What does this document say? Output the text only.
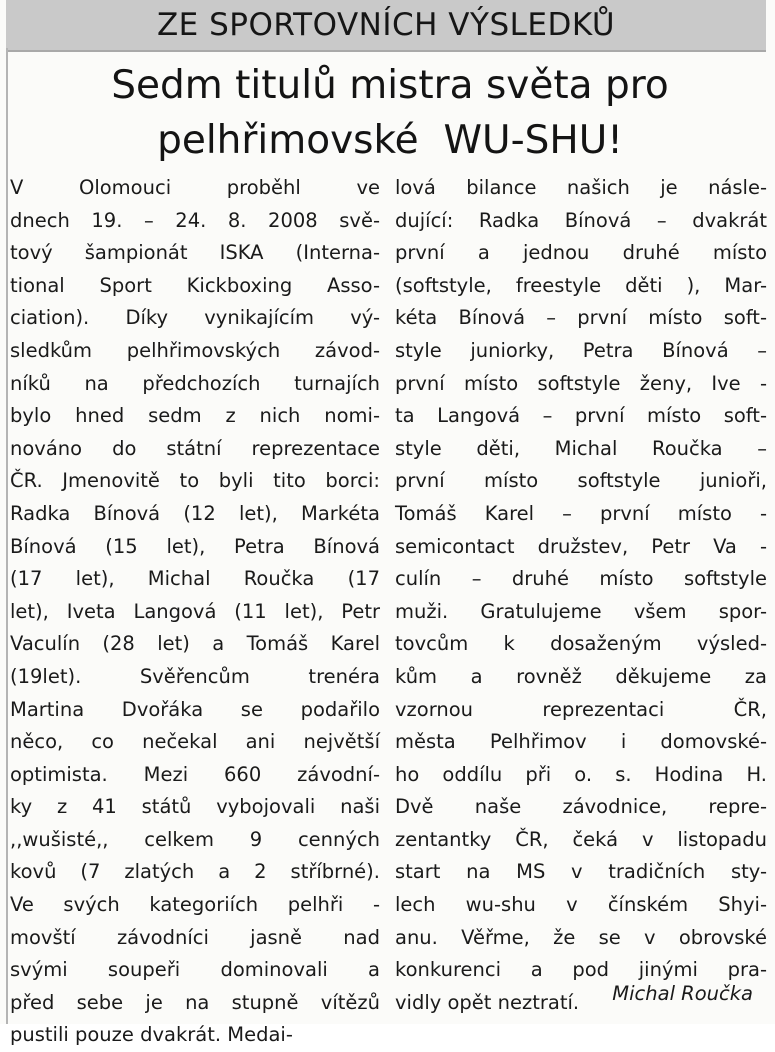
ZE SPORTOVNÍCH VÝSLEDKŮ
Sedm titulů mistra světa pro
pelhřimovské  WU-SHU!
V Olomouci proběhl ve
dnech 19. – 24. 8. 2008 svě-
tový šampionát ISKA (Interna-
tional Sport Kickboxing Asso-
ciation). Díky vynikajícím vý-
sledkům pelhřimovských závod-
níků na předchozích turnajích
bylo hned sedm z nich nomi-
nováno do státní reprezentace
ČR. Jmenovitě to byli tito borci:
Radka Bínová (12 let), Markéta
Bínová (15 let), Petra Bínová
(17 let), Michal Roučka (17
let), Iveta Langová (11 let), Petr
Vaculín (28 let) a Tomáš Karel
(19let). Svěřencům trenéra
Martina Dvořáka se podařilo
něco, co nečekal ani největší
optimista. Mezi 660 závodní-
ky z 41 států vybojovali naši
,,wušisté,, celkem 9 cenných
kovů (7 zlatých a 2 stříbrné).
Ve svých kategoriích pelhři -
movští závodníci jasně nad
svými soupeři dominovali a
před sebe je na stupně vítězů
pustili pouze dvakrát. Medai-
lová bilance našich je násle-
dující: Radka Bínová – dvakrát
první a jednou druhé místo
(softstyle, freestyle děti ), Mar-
kéta Bínová – první místo soft-
style juniorky, Petra Bínová –
první místo softstyle ženy, Ive -
ta Langová – první místo soft-
style děti, Michal Roučka –
první místo softstyle junioři,
Tomáš Karel – první místo -
semicontact družstev, Petr Va -
culín – druhé místo softstyle
muži. Gratulujeme všem spor-
tovcům k dosaženým výsled-
kům a rovněž děkujeme za
vzornou reprezentaci ČR,
města Pelhřimov i domovské-
ho oddílu při o. s. Hodina H.
Dvě naše závodnice, repre-
zentantky ČR, čeká v listopadu
start na MS v tradičních sty-
lech wu-shu v čínském Shyi-
anu. Věřme, že se v obrovské
konkurenci a pod jinými pra-
vidly opět neztratí.	Michal Roučka
